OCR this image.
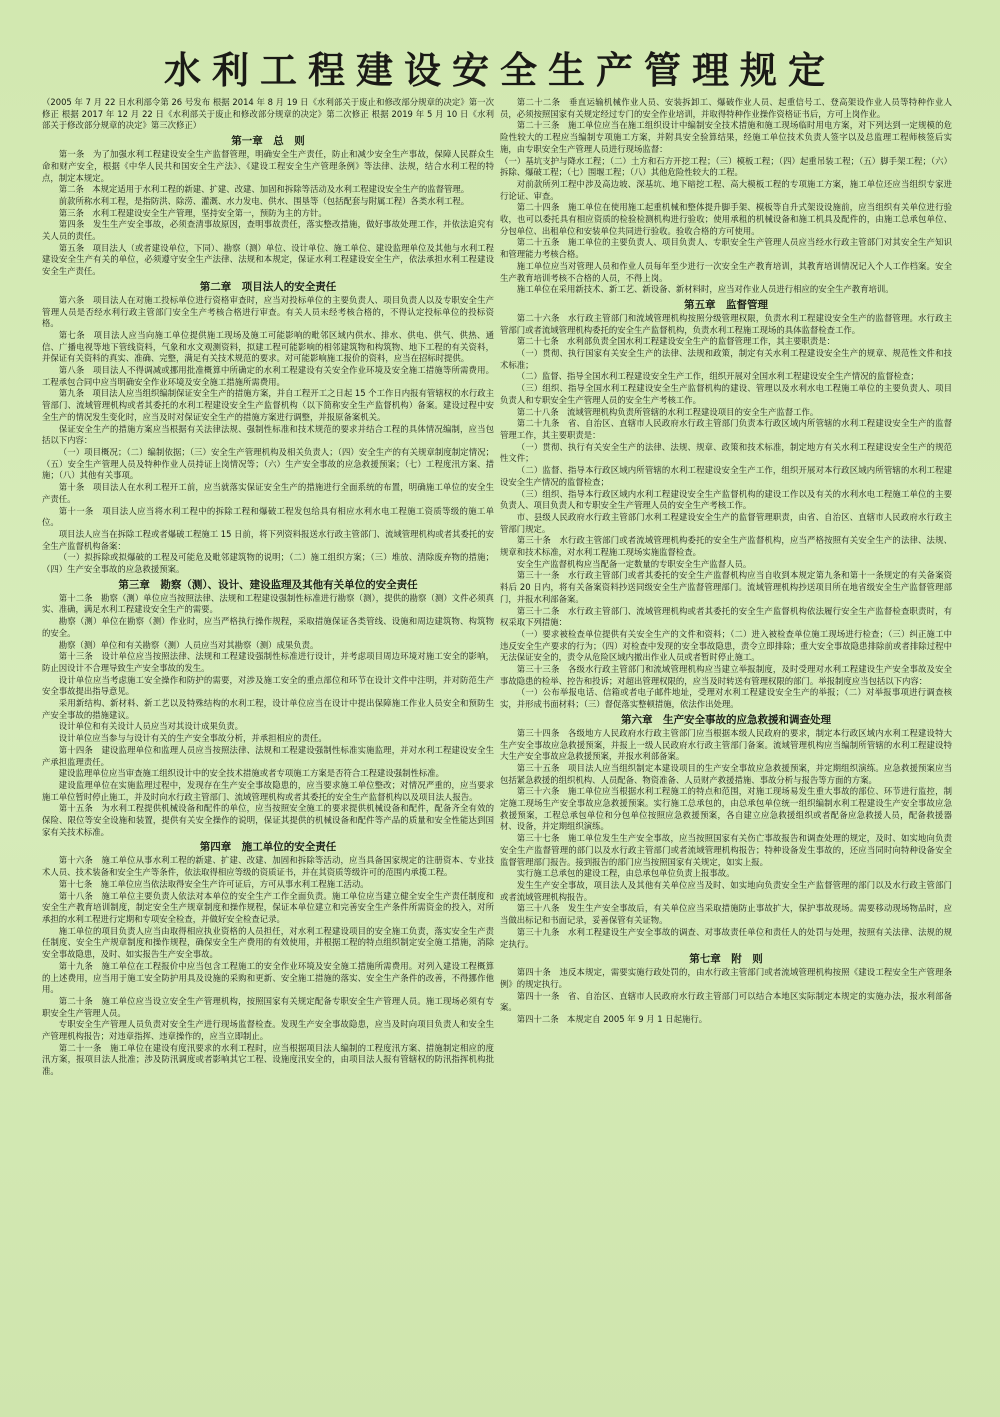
水利工程建设安全生产管理规定

（2005 年 7 月 22 日水利部令第 26 号发布 根据 2014 年 8 月 19 日《水利部关于废止和修改部分规章的决定》第一次修正 根据 2017 年 12 月 22 日《水利部关于废止和修改部分规章的决定》第二次修正 根据 2019 年 5 月 10 日《水利部关于修改部分规章的决定》第三次修正）

第一章　总　则

第一条　为了加强水利工程建设安全生产监督管理，明确安全生产责任，防止和减少安全生产事故，保障人民群众生命和财产安全，根据《中华人民共和国安全生产法》、《建设工程安全生产管理条例》等法律、法规，结合水利工程的特点，制定本规定。

第二条　本规定适用于水利工程的新建、扩建、改建、加固和拆除等活动及水利工程建设安全生产的监督管理。

前款所称水利工程，是指防洪、除涝、灌溉、水力发电、供水、围垦等（包括配套与附属工程）各类水利工程。

第三条　水利工程建设安全生产管理，坚持安全第一，预防为主的方针。

第四条　发生生产安全事故，必须查清事故原因，查明事故责任，落实整改措施，做好事故处理工作，并依法追究有关人员的责任。

第五条　项目法人（或者建设单位，下同）、勘察（测）单位、设计单位、施工单位、建设监理单位及其他与水利工程建设安全生产有关的单位，必须遵守安全生产法律、法规和本规定，保证水利工程建设安全生产，依法承担水利工程建设安全生产责任。

第二章　项目法人的安全责任

第六条　项目法人在对施工投标单位进行资格审查时，应当对投标单位的主要负责人、项目负责人以及专职安全生产管理人员是否经水利行政主管部门安全生产考核合格进行审查。有关人员未经考核合格的，不得认定投标单位的投标资格。

第七条　项目法人应当向施工单位提供施工现场及施工可能影响的毗邻区域内供水、排水、供电、供气、供热、通信、广播电视等地下管线资料，气象和水文观测资料，拟建工程可能影响的相邻建筑物和构筑物、地下工程的有关资料，并保证有关资料的真实、准确、完整，满足有关技术规范的要求。对可能影响施工报价的资料，应当在招标时提供。

第八条　项目法人不得调减或挪用批准概算中所确定的水利工程建设有关安全作业环境及安全施工措施等所需费用。工程承包合同中应当明确安全作业环境及安全施工措施所需费用。

第九条　项目法人应当组织编制保证安全生产的措施方案，并自工程开工之日起 15 个工作日内报有管辖权的水行政主管部门、流域管理机构或者其委托的水利工程建设安全生产监督机构（以下简称安全生产监督机构）备案。建设过程中安全生产的情况发生变化时，应当及时对保证安全生产的措施方案进行调整，并报原备案机关。

保证安全生产的措施方案应当根据有关法律法规、强制性标准和技术规范的要求并结合工程的具体情况编制，应当包括以下内容：

（一）项目概况；（二）编制依据；（三）安全生产管理机构及相关负责人；（四）安全生产的有关规章制度制定情况；（五）安全生产管理人员及特种作业人员持证上岗情况等；（六）生产安全事故的应急救援预案；（七）工程度汛方案、措施；（八）其他有关事项。

第十条　项目法人在水利工程开工前，应当就落实保证安全生产的措施进行全面系统的布置，明确施工单位的安全生产责任。

第十一条　项目法人应当将水利工程中的拆除工程和爆破工程发包给具有相应水利水电工程施工资质等级的施工单位。

项目法人应当在拆除工程或者爆破工程施工 15 日前，将下列资料报送水行政主管部门、流域管理机构或者其委托的安全生产监督机构备案：

（一）拟拆除或拟爆破的工程及可能危及毗邻建筑物的说明；（二）施工组织方案；（三）堆放、清除废弃物的措施；（四）生产安全事故的应急救援预案。

第三章　勘察（测）、设计、建设监理及其他有关单位的安全责任

第十二条　勘察（测）单位应当按照法律、法规和工程建设强制性标准进行勘察（测），提供的勘察（测）文件必须真实、准确，满足水利工程建设安全生产的需要。

勘察（测）单位在勘察（测）作业时，应当严格执行操作规程，采取措施保证各类管线、设施和周边建筑物、构筑物的安全。

勘察（测）单位和有关勘察（测）人员应当对其勘察（测）成果负责。

第十三条　设计单位应当按照法律、法规和工程建设强制性标准进行设计，并考虑项目周边环境对施工安全的影响，防止因设计不合理导致生产安全事故的发生。

设计单位应当考虑施工安全操作和防护的需要，对涉及施工安全的重点部位和环节在设计文件中注明，并对防范生产安全事故提出指导意见。

采用新结构、新材料、新工艺以及特殊结构的水利工程，设计单位应当在设计中提出保障施工作业人员安全和预防生产安全事故的措施建议。

设计单位和有关设计人员应当对其设计成果负责。

设计单位应当参与与设计有关的生产安全事故分析，并承担相应的责任。

第十四条　建设监理单位和监理人员应当按照法律、法规和工程建设强制性标准实施监理，并对水利工程建设安全生产承担监理责任。

建设监理单位应当审查施工组织设计中的安全技术措施或者专项施工方案是否符合工程建设强制性标准。

建设监理单位在实施监理过程中，发现存在生产安全事故隐患的，应当要求施工单位整改；对情况严重的，应当要求施工单位暂时停止施工，并及时向水行政主管部门、流域管理机构或者其委托的安全生产监督机构以及项目法人报告。

第十五条　为水利工程提供机械设备和配件的单位，应当按照安全施工的要求提供机械设备和配件，配备齐全有效的保险、限位等安全设施和装置，提供有关安全操作的说明，保证其提供的机械设备和配件等产品的质量和安全性能达到国家有关技术标准。

第四章　施工单位的安全责任

第十六条　施工单位从事水利工程的新建、扩建、改建、加固和拆除等活动，应当具备国家规定的注册资本、专业技术人员、技术装备和安全生产等条件，依法取得相应等级的资质证书，并在其资质等级许可的范围内承揽工程。

第十七条　施工单位应当依法取得安全生产许可证后，方可从事水利工程施工活动。

第十八条　施工单位主要负责人依法对本单位的安全生产工作全面负责。施工单位应当建立健全安全生产责任制度和安全生产教育培训制度，制定安全生产规章制度和操作规程，保证本单位建立和完善安全生产条件所需资金的投入，对所承担的水利工程进行定期和专项安全检查，并做好安全检查记录。

施工单位的项目负责人应当由取得相应执业资格的人员担任，对水利工程建设项目的安全施工负责，落实安全生产责任制度、安全生产规章制度和操作规程，确保安全生产费用的有效使用，并根据工程的特点组织制定安全施工措施，消除安全事故隐患，及时、如实报告生产安全事故。

第十九条　施工单位在工程报价中应当包含工程施工的安全作业环境及安全施工措施所需费用。对列入建设工程概算的上述费用，应当用于施工安全防护用具及设施的采购和更新、安全施工措施的落实、安全生产条件的改善，不得挪作他用。

第二十条　施工单位应当设立安全生产管理机构，按照国家有关规定配备专职安全生产管理人员。施工现场必须有专职安全生产管理人员。

专职安全生产管理人员负责对安全生产进行现场监督检查。发现生产安全事故隐患，应当及时向项目负责人和安全生产管理机构报告；对违章指挥、违章操作的，应当立即制止。

第二十一条　施工单位在建设有度汛要求的水利工程时，应当根据项目法人编制的工程度汛方案、措施制定相应的度汛方案，报项目法人批准；涉及防汛调度或者影响其它工程、设施度汛安全的，由项目法人报有管辖权的防汛指挥机构批准。

第二十二条　垂直运输机械作业人员、安装拆卸工、爆破作业人员、起重信号工、登高架设作业人员等特种作业人员，必须按照国家有关规定经过专门的安全作业培训，并取得特种作业操作资格证书后，方可上岗作业。

第二十三条　施工单位应当在施工组织设计中编制安全技术措施和施工现场临时用电方案，对下列达到一定规模的危险性较大的工程应当编制专项施工方案，并附具安全验算结果，经施工单位技术负责人签字以及总监理工程师核签后实施，由专职安全生产管理人员进行现场监督：

（一）基坑支护与降水工程；（二）土方和石方开挖工程；（三）模板工程；（四）起重吊装工程；（五）脚手架工程；（六）拆除、爆破工程；（七）围堰工程；（八）其他危险性较大的工程。

对前款所列工程中涉及高边坡、深基坑、地下暗挖工程、高大模板工程的专项施工方案，施工单位还应当组织专家进行论证、审查。

第二十四条　施工单位在使用施工起重机械和整体提升脚手架、模板等自升式架设设施前，应当组织有关单位进行验收，也可以委托具有相应资质的检验检测机构进行验收；使用承租的机械设备和施工机具及配件的，由施工总承包单位、分包单位、出租单位和安装单位共同进行验收。验收合格的方可使用。

第二十五条　施工单位的主要负责人、项目负责人、专职安全生产管理人员应当经水行政主管部门对其安全生产知识和管理能力考核合格。

施工单位应当对管理人员和作业人员每年至少进行一次安全生产教育培训，其教育培训情况记入个人工作档案。安全生产教育培训考核不合格的人员，不得上岗。

施工单位在采用新技术、新工艺、新设备、新材料时，应当对作业人员进行相应的安全生产教育培训。

第五章　监督管理

第二十六条　水行政主管部门和流域管理机构按照分级管理权限，负责水利工程建设安全生产的监督管理。水行政主管部门或者流域管理机构委托的安全生产监督机构，负责水利工程施工现场的具体监督检查工作。

第二十七条　水利部负责全国水利工程建设安全生产的监督管理工作，其主要职责是：

（一）贯彻、执行国家有关安全生产的法律、法规和政策，制定有关水利工程建设安全生产的规章、规范性文件和技术标准；

（二）监督、指导全国水利工程建设安全生产工作，组织开展对全国水利工程建设安全生产情况的监督检查；

（三）组织、指导全国水利工程建设安全生产监督机构的建设、管理以及水利水电工程施工单位的主要负责人、项目负责人和专职安全生产管理人员的安全生产考核工作。

第二十八条　流域管理机构负责所管辖的水利工程建设项目的安全生产监督工作。

第二十九条　省、自治区、直辖市人民政府水行政主管部门负责本行政区域内所管辖的水利工程建设安全生产的监督管理工作，其主要职责是：

（一）贯彻、执行有关安全生产的法律、法规、规章、政策和技术标准，制定地方有关水利工程建设安全生产的规范性文件；

（二）监督、指导本行政区域内所管辖的水利工程建设安全生产工作，组织开展对本行政区域内所管辖的水利工程建设安全生产情况的监督检查；

（三）组织、指导本行政区域内水利工程建设安全生产监督机构的建设工作以及有关的水利水电工程施工单位的主要负责人、项目负责人和专职安全生产管理人员的安全生产考核工作。

市、县级人民政府水行政主管部门水利工程建设安全生产的监督管理职责，由省、自治区、直辖市人民政府水行政主管部门规定。

第三十条　水行政主管部门或者流域管理机构委托的安全生产监督机构，应当严格按照有关安全生产的法律、法规、规章和技术标准，对水利工程施工现场实施监督检查。

安全生产监督机构应当配备一定数量的专职安全生产监督人员。

第三十一条　水行政主管部门或者其委托的安全生产监督机构应当自收到本规定第九条和第十一条规定的有关备案资料后 20 日内，将有关备案资料抄送同级安全生产监督管理部门。流域管理机构抄送项目所在地省级安全生产监督管理部门，并报水利部备案。

第三十二条　水行政主管部门、流域管理机构或者其委托的安全生产监督机构依法履行安全生产监督检查职责时，有权采取下列措施：

（一）要求被检查单位提供有关安全生产的文件和资料；（二）进入被检查单位施工现场进行检查；（三）纠正施工中违反安全生产要求的行为；（四）对检查中发现的安全事故隐患，责令立即排除；重大安全事故隐患排除前或者排除过程中无法保证安全的，责令从危险区域内撤出作业人员或者暂时停止施工。

第三十三条　各级水行政主管部门和流域管理机构应当建立举报制度，及时受理对水利工程建设生产安全事故及安全事故隐患的检举、控告和投诉；对超出管理权限的，应当及时转送有管理权限的部门。举报制度应当包括以下内容：

（一）公布举报电话、信箱或者电子邮件地址，受理对水利工程建设安全生产的举报；（二）对举报事项进行调查核实，并形成书面材料；（三）督促落实整顿措施，依法作出处理。

第六章　生产安全事故的应急救援和调查处理

第三十四条　各级地方人民政府水行政主管部门应当根据本级人民政府的要求，制定本行政区域内水利工程建设特大生产安全事故应急救援预案，并报上一级人民政府水行政主管部门备案。流域管理机构应当编制所管辖的水利工程建设特大生产安全事故应急救援预案，并报水利部备案。

第三十五条　项目法人应当组织制定本建设项目的生产安全事故应急救援预案，并定期组织演练。应急救援预案应当包括紧急救援的组织机构、人员配备、物资准备、人员财产救援措施、事故分析与报告等方面的方案。

第三十六条　施工单位应当根据水利工程施工的特点和范围，对施工现场易发生重大事故的部位、环节进行监控，制定施工现场生产安全事故应急救援预案。实行施工总承包的，由总承包单位统一组织编制水利工程建设生产安全事故应急救援预案，工程总承包单位和分包单位按照应急救援预案，各自建立应急救援组织或者配备应急救援人员，配备救援器材、设备，并定期组织演练。

第三十七条　施工单位发生生产安全事故，应当按照国家有关伤亡事故报告和调查处理的规定，及时、如实地向负责安全生产监督管理的部门以及水行政主管部门或者流域管理机构报告；特种设备发生事故的，还应当同时向特种设备安全监督管理部门报告。接到报告的部门应当按照国家有关规定，如实上报。

实行施工总承包的建设工程，由总承包单位负责上报事故。

发生生产安全事故，项目法人及其他有关单位应当及时、如实地向负责安全生产监督管理的部门以及水行政主管部门或者流域管理机构报告。

第三十八条　发生生产安全事故后，有关单位应当采取措施防止事故扩大，保护事故现场。需要移动现场物品时，应当做出标记和书面记录，妥善保管有关证物。

第三十九条　水利工程建设生产安全事故的调查、对事故责任单位和责任人的处罚与处理，按照有关法律、法规的规定执行。

第七章　附　则

第四十条　违反本规定，需要实施行政处罚的，由水行政主管部门或者流域管理机构按照《建设工程安全生产管理条例》的规定执行。

第四十一条　省、自治区、直辖市人民政府水行政主管部门可以结合本地区实际制定本规定的实施办法，报水利部备案。

第四十二条　本规定自 2005 年 9 月 1 日起施行。
